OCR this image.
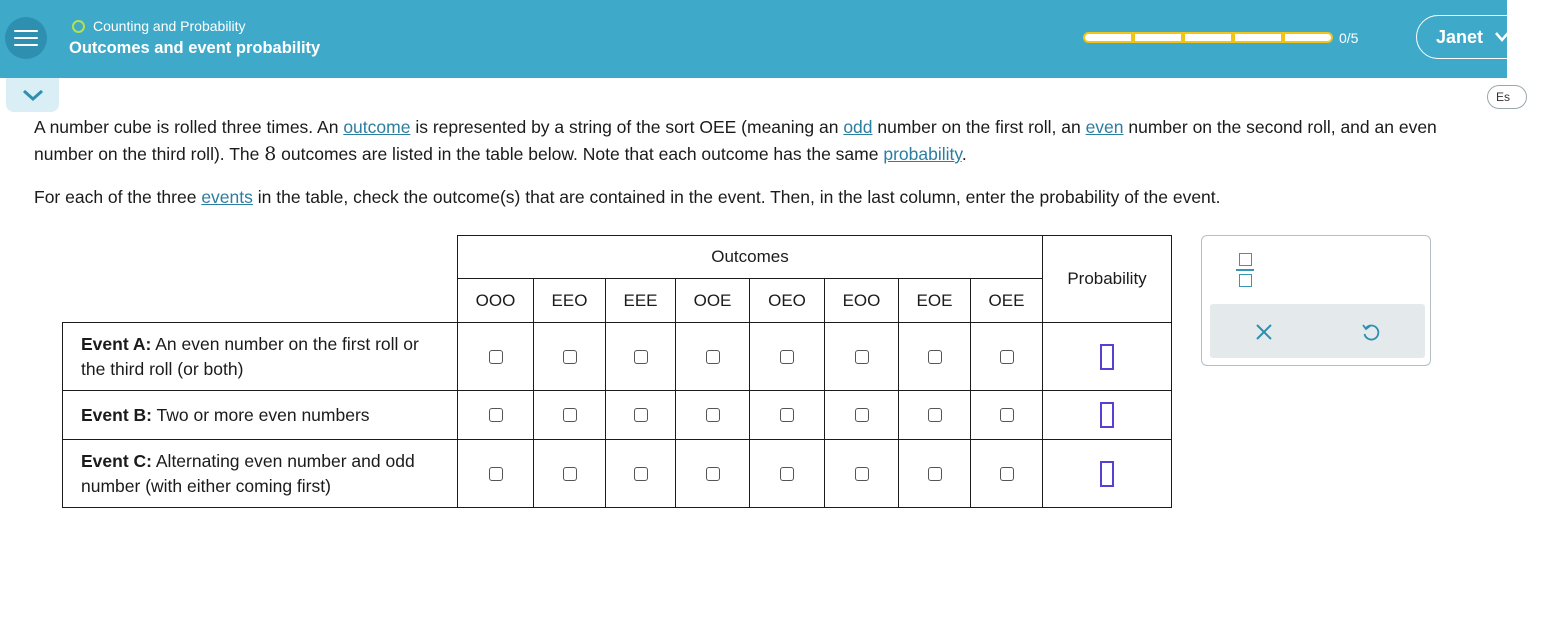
Counting and Probability
Outcomes and event probability
0/5	Janet
Es
A number cube is rolled three times. An outcome is represented by a string of the sort OEE (meaning an odd number on the first roll, an even number on the second roll, and an even number on the third roll). The 8 outcomes are listed in the table below. Note that each outcome has the same probability.
For each of the three events in the table, check the outcome(s) that are contained in the event. Then, in the last column, enter the probability of the event.
Outcomes
Probability
OOO	EEO	EEE	OOE	OEO	EOO	EOE	OEE
Event A: An even number on the first roll or the third roll (or both)
Event B: Two or more even numbers
Event C: Alternating even number and odd number (with either coming first)
